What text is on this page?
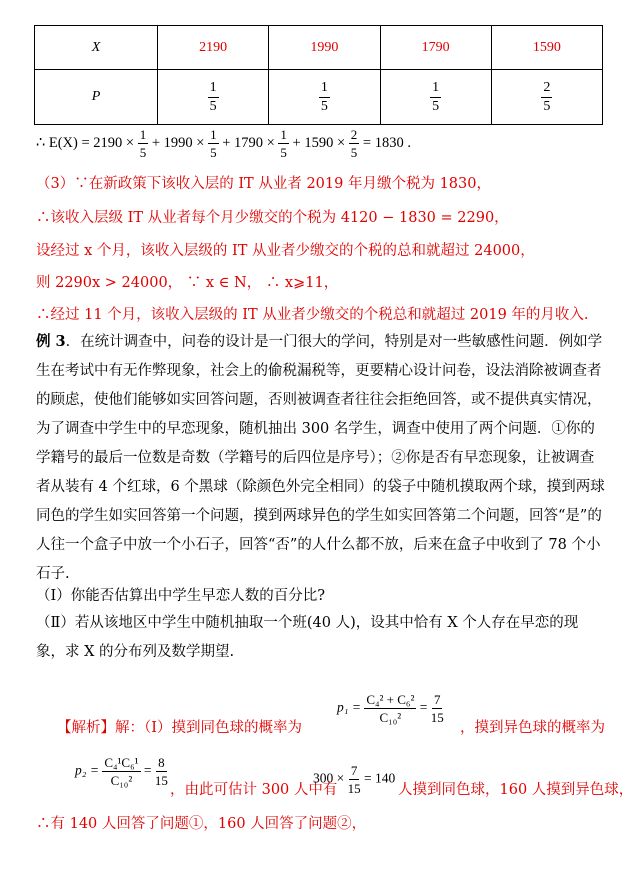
X	2190	1990	1790	1590
P	$\frac{1}{5}$	$\frac{1}{5}$	$\frac{1}{5}$	$\frac{2}{5}$
∴ $E(X) = 2190 \times \frac{1}{5} + 1990 \times \frac{1}{5} + 1790 \times \frac{1}{5} + 1590 \times \frac{2}{5} = 1830$ .
（3）∵在新政策下该收入层的 IT 从业者 2019 年月缴个税为 1830，
∴该收入层级 IT 从业者每个月少缴交的个税为 4120 − 1830 = 2290，
设经过 x 个月，该收入层级的 IT 从业者少缴交的个税的总和就超过 24000，
则 2290x > 24000， ∵ x ∈ N， ∴ x⩾11，
∴经过 11 个月，该收入层级的 IT 从业者少缴交的个税总和就超过 2019 年的月收入.
例 3．在统计调查中，问卷的设计是一门很大的学问，特别是对一些敏感性问题．例如学生在考试中有无作弊现象，社会上的偷税漏税等，更要精心设计问卷，设法消除被调查者的顾虑，使他们能够如实回答问题，否则被调查者往往会拒绝回答，或不提供真实情况，为了调查中学生中的早恋现象，随机抽出 300 名学生，调查中使用了两个问题．①你的学籍号的最后一位数是奇数（学籍号的后四位是序号）；②你是否有早恋现象，让被调查者从装有 4 个红球，6 个黑球（除颜色外完全相同）的袋子中随机摸取两个球，摸到两球同色的学生如实回答第一个问题，摸到两球异色的学生如实回答第二个问题，回答“是”的人往一个盒子中放一个小石子，回答“否”的人什么都不放，后来在盒子中收到了 78 个小石子.
（Ⅰ）你能否估算出中学生早恋人数的百分比?
（Ⅱ）若从该地区中学生中随机抽取一个班(40 人)，设其中恰有 X 个人存在早恋的现象，求 X 的分布列及数学期望.
$p_1 = \frac{\text{C₄² + C₆²}}{\text{C₁₀²}} = \frac{7}{15}$
【解析】解：（Ⅰ）摸到同色球的概率为	，摸到异色球的概率为
$p_2 = \frac{\text{C₄¹C₆¹}}{\text{C₁₀²}} = \frac{8}{15}$
，由此可估计 300 人中有
$300 \times \frac{7}{15} = 140$
人摸到同色球，160 人摸到异色球，
∴有 140 人回答了问题①，160 人回答了问题②，
